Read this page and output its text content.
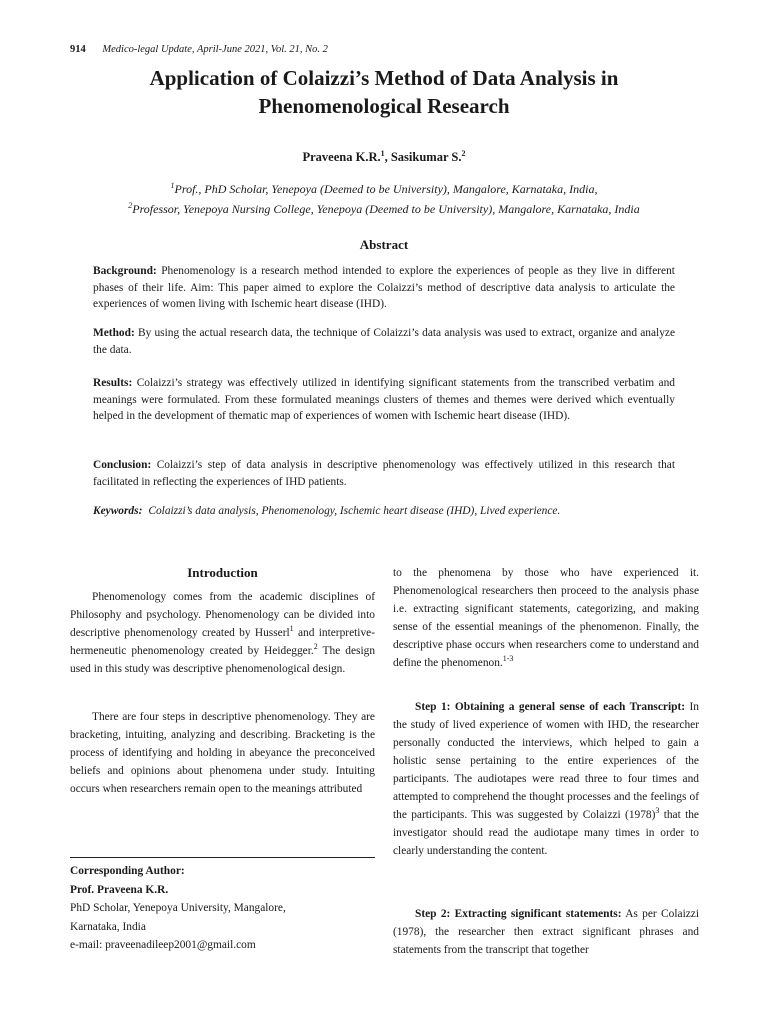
914 Medico-legal Update, April-June 2021, Vol. 21, No. 2
Application of Colaizzi’s Method of Data Analysis in
Phenomenological Research
Praveena K.R.$^1$, Sasikumar S.$^2$
$^1$Prof., PhD Scholar, Yenepoya (Deemed to be University), Mangalore, Karnataka, India,
$^2$Professor, Yenepoya Nursing College, Yenepoya (Deemed to be University), Mangalore, Karnataka, India
Abstract
Background: Phenomenology is a research method intended to explore the experiences of people as they live in different phases of their life. Aim: This paper aimed to explore the Colaizzi’s method of descriptive data analysis to articulate the experiences of women living with Ischemic heart disease (IHD).
Method: By using the actual research data, the technique of Colaizzi’s data analysis was used to extract, organize and analyze the data.
Results: Colaizzi’s strategy was effectively utilized in identifying significant statements from the transcribed verbatim and meanings were formulated. From these formulated meanings clusters of themes and themes were derived which eventually helped in the development of thematic map of experiences of women with Ischemic heart disease (IHD).
Conclusion: Colaizzi’s step of data analysis in descriptive phenomenology was effectively utilized in this research that facilitated in reflecting the experiences of IHD patients.
Keywords: Colaizzi’s data analysis, Phenomenology, Ischemic heart disease (IHD), Lived experience.
Introduction
Phenomenology comes from the academic disciplines of Philosophy and psychology. Phenomenology can be divided into descriptive phenomenology created by Husserl$^1$ and interpretive- hermeneutic phenomenology created by Heidegger.$^2$ The design used in this study was descriptive phenomenological design.
There are four steps in descriptive phenomenology. They are bracketing, intuiting, analyzing and describing. Bracketing is the process of identifying and holding in abeyance the preconceived beliefs and opinions about phenomena under study. Intuiting occurs when researchers remain open to the meanings attributed
Corresponding Author:
Prof. Praveena K.R.
PhD Scholar, Yenepoya University, Mangalore,
Karnataka, India
e-mail: praveenadileep2001@gmail.com
to the phenomena by those who have experienced it. Phenomenological researchers then proceed to the analysis phase i.e. extracting significant statements, categorizing, and making sense of the essential meanings of the phenomenon. Finally, the descriptive phase occurs when researchers come to understand and define the phenomenon.$^{1-3}$
Step 1: Obtaining a general sense of each Transcript: In the study of lived experience of women with IHD, the researcher personally conducted the interviews, which helped to gain a holistic sense pertaining to the entire experiences of the participants. The audiotapes were read three to four times and attempted to comprehend the thought processes and the feelings of the participants. This was suggested by Colaizzi $(1978)^3$ that the investigator should read the audiotape many times in order to clearly understanding the content.
Step 2: Extracting significant statements: As per Colaizzi (1978), the researcher then extract significant phrases and statements from the transcript that together
